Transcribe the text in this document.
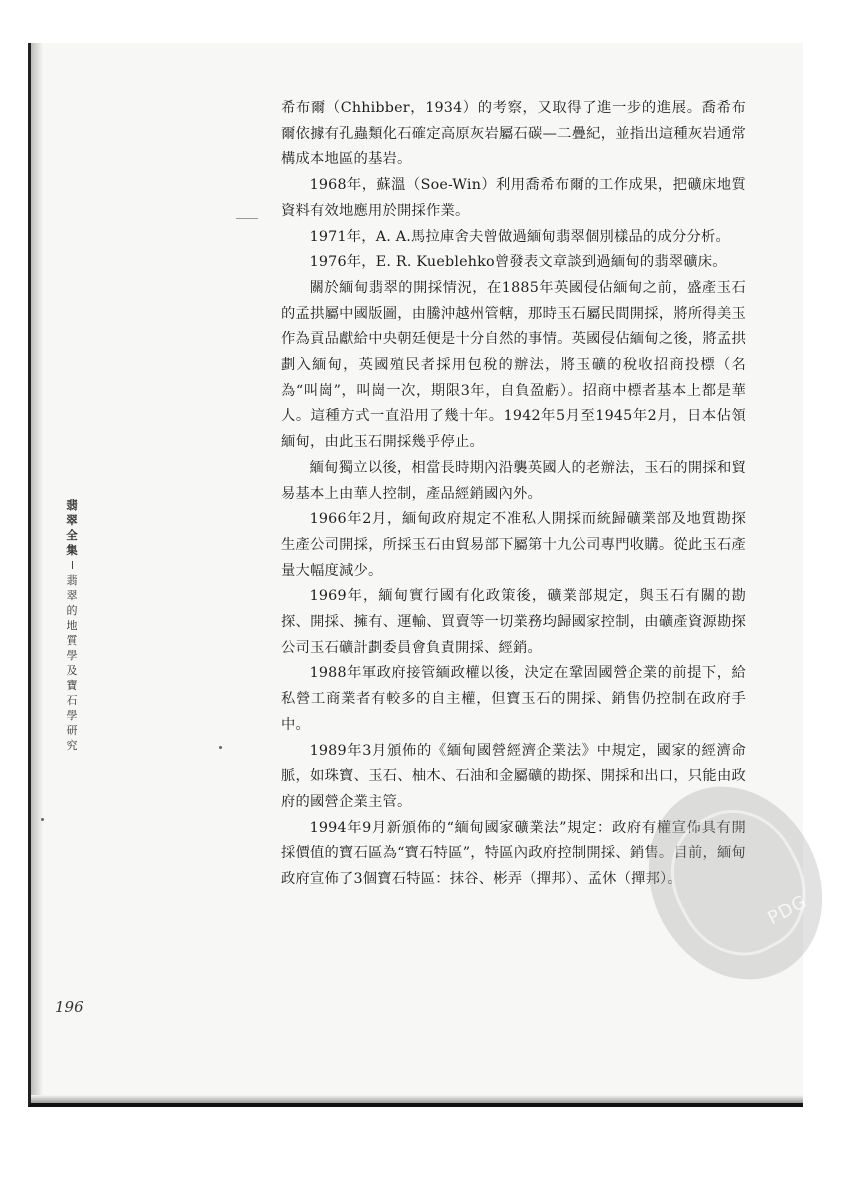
希布爾（Chhibber，1934）的考察，又取得了進一步的進展。喬希布爾依據有孔蟲類化石確定高原灰岩屬石碳—二疊紀，並指出這種灰岩通常構成本地區的基岩。

1968年，蘇溫（Soe-Win）利用喬希布爾的工作成果，把礦床地質資料有效地應用於開採作業。

1971年，A. A.馬拉庫舍夫曾做過緬甸翡翠個別樣品的成分分析。

1976年，E. R. Kueblehko曾發表文章談到過緬甸的翡翠礦床。

關於緬甸翡翠的開採情況，在1885年英國侵佔緬甸之前，盛產玉石的孟拱屬中國版圖，由騰沖越州管轄，那時玉石屬民間開採，將所得美玉作為貢品獻給中央朝廷便是十分自然的事情。英國侵佔緬甸之後，將孟拱劃入緬甸，英國殖民者採用包稅的辦法，將玉礦的稅收招商投標（名為“叫崗”，叫崗一次，期限3年，自負盈虧）。招商中標者基本上都是華人。這種方式一直沿用了幾十年。1942年5月至1945年2月，日本佔領緬甸，由此玉石開採幾乎停止。

緬甸獨立以後，相當長時期內沿襲英國人的老辦法，玉石的開採和貿易基本上由華人控制，產品經銷國內外。

1966年2月，緬甸政府規定不准私人開採而統歸礦業部及地質勘探生產公司開採，所採玉石由貿易部下屬第十九公司專門收購。從此玉石產量大幅度減少。

1969年，緬甸實行國有化政策後，礦業部規定，與玉石有關的勘探、開採、擁有、運輸、買賣等一切業務均歸國家控制，由礦產資源勘探公司玉石礦計劃委員會負責開採、經銷。

1988年軍政府接管緬政權以後，決定在鞏固國營企業的前提下，給私營工商業者有較多的自主權，但寶玉石的開採、銷售仍控制在政府手中。

1989年3月頒佈的《緬甸國營經濟企業法》中規定，國家的經濟命脈，如珠寶、玉石、柚木、石油和金屬礦的勘探、開採和出口，只能由政府的國營企業主管。

1994年9月新頒佈的“緬甸國家礦業法”規定：政府有權宣佈具有開採價值的寶石區為“寶石特區”，特區內政府控制開採、銷售。目前，緬甸政府宣佈了3個寶石特區：抹谷、彬弄（撣邦）、孟休（撣邦）。

翡翠全集
翡翠的地質學及寶石學研究
196
PDG
